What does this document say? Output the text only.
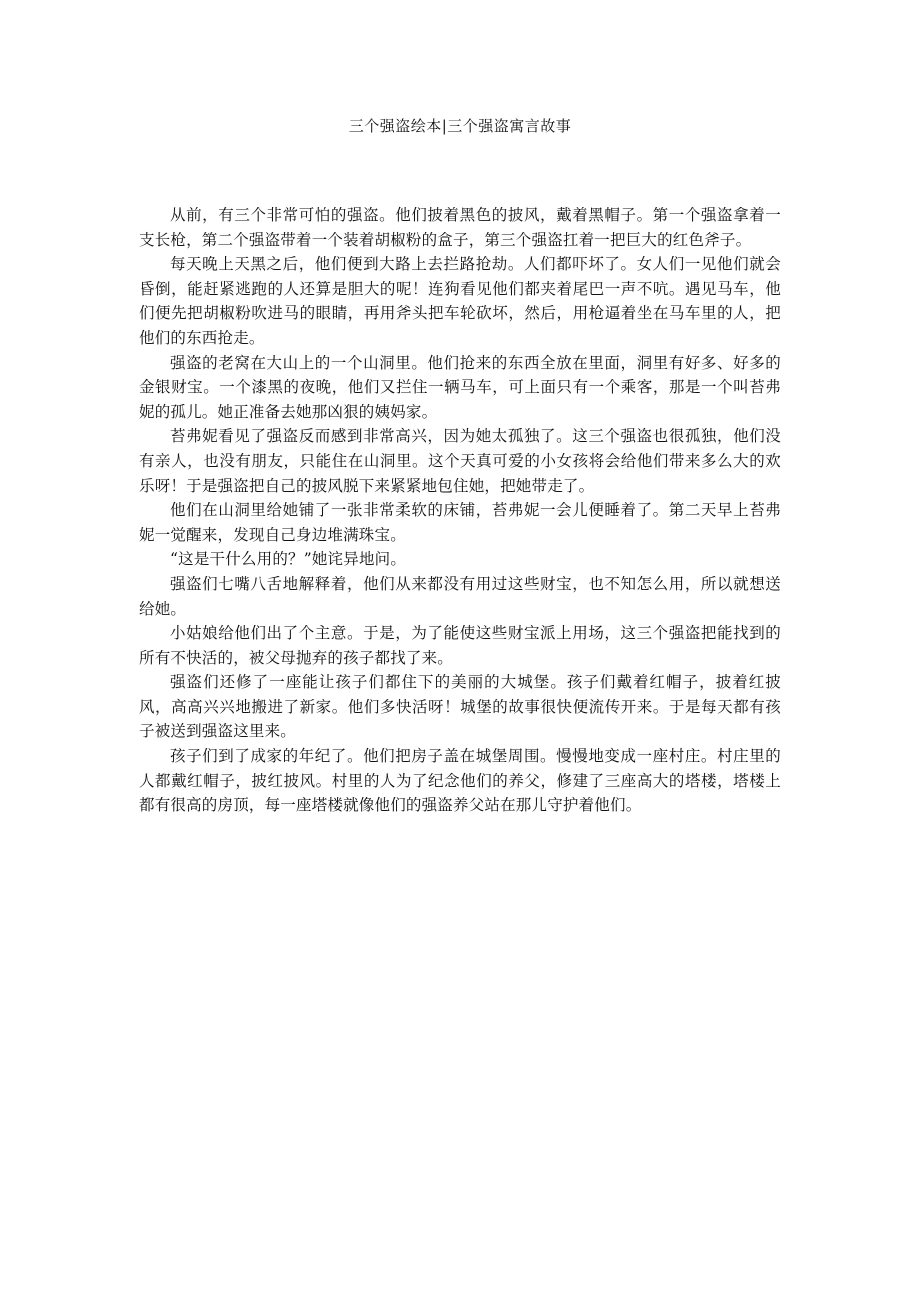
三个强盗绘本|三个强盗寓言故事

从前，有三个非常可怕的强盗。他们披着黑色的披风，戴着黑帽子。第一个强盗拿着一支长枪，第二个强盗带着一个装着胡椒粉的盒子，第三个强盗扛着一把巨大的红色斧子。

每天晚上天黑之后，他们便到大路上去拦路抢劫。人们都吓坏了。女人们一见他们就会昏倒，能赶紧逃跑的人还算是胆大的呢！连狗看见他们都夹着尾巴一声不吭。遇见马车，他们便先把胡椒粉吹进马的眼睛，再用斧头把车轮砍坏，然后，用枪逼着坐在马车里的人，把他们的东西抢走。

强盗的老窝在大山上的一个山洞里。他们抢来的东西全放在里面，洞里有好多、好多的金银财宝。一个漆黑的夜晚，他们又拦住一辆马车，可上面只有一个乘客，那是一个叫苔弗妮的孤儿。她正准备去她那凶狠的姨妈家。

苔弗妮看见了强盗反而感到非常高兴，因为她太孤独了。这三个强盗也很孤独，他们没有亲人，也没有朋友，只能住在山洞里。这个天真可爱的小女孩将会给他们带来多么大的欢乐呀！于是强盗把自己的披风脱下来紧紧地包住她，把她带走了。

他们在山洞里给她铺了一张非常柔软的床铺，苔弗妮一会儿便睡着了。第二天早上苔弗妮一觉醒来，发现自己身边堆满珠宝。

“这是干什么用的？”她诧异地问。

强盗们七嘴八舌地解释着，他们从来都没有用过这些财宝，也不知怎么用，所以就想送给她。

小姑娘给他们出了个主意。于是，为了能使这些财宝派上用场，这三个强盗把能找到的所有不快活的，被父母抛弃的孩子都找了来。

强盗们还修了一座能让孩子们都住下的美丽的大城堡。孩子们戴着红帽子，披着红披风，高高兴兴地搬进了新家。他们多快活呀！城堡的故事很快便流传开来。于是每天都有孩子被送到强盗这里来。

孩子们到了成家的年纪了。他们把房子盖在城堡周围。慢慢地变成一座村庄。村庄里的人都戴红帽子，披红披风。村里的人为了纪念他们的养父，修建了三座高大的塔楼，塔楼上都有很高的房顶，每一座塔楼就像他们的强盗养父站在那儿守护着他们。
